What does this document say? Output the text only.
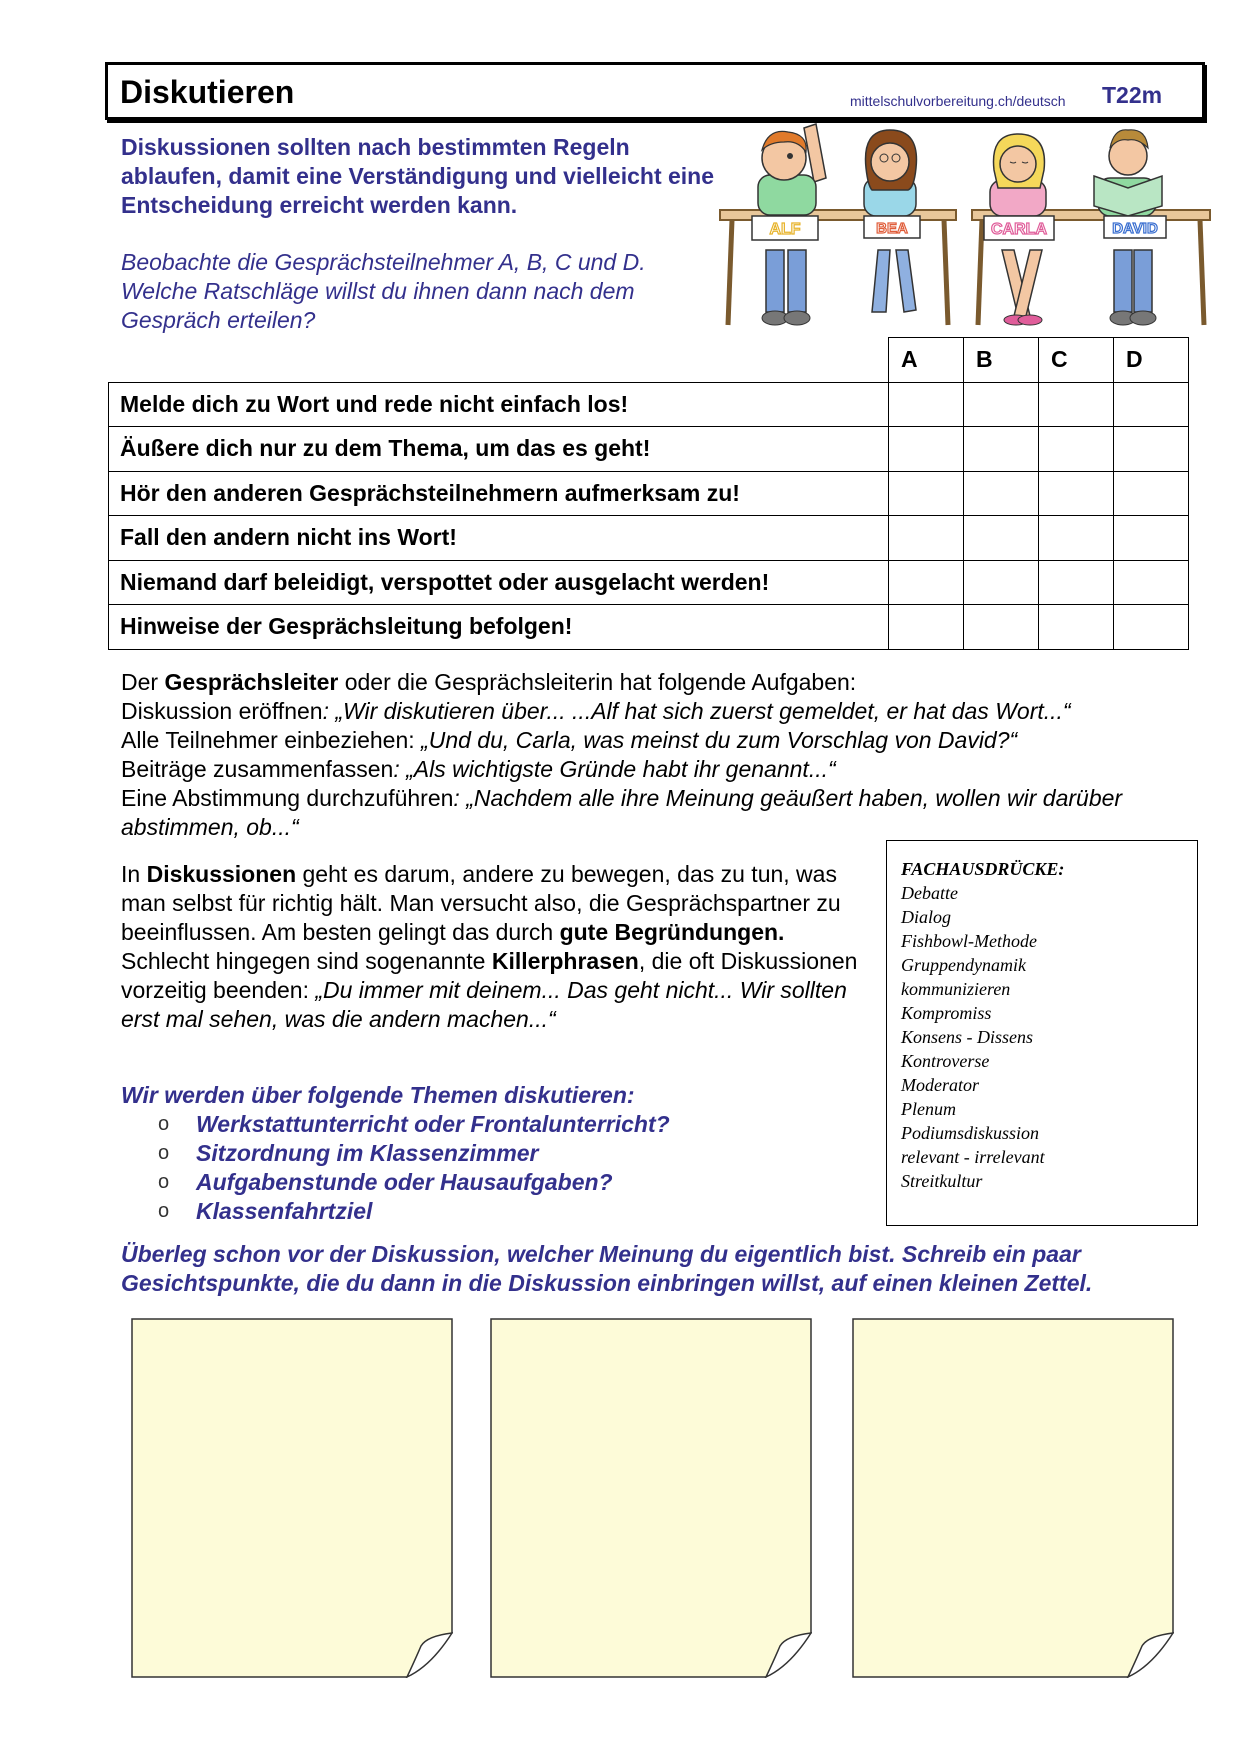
Diskutieren	mittelschulvorbereitung.ch/deutsch T22m
Diskussionen sollten nach bestimmten Regeln ablaufen, damit eine Verständigung und vielleicht eine Entscheidung erreicht werden kann.
Beobachte die Gesprächsteilnehmer A, B, C und D. Welche Ratschläge willst du ihnen dann nach dem Gespräch erteilen?
ALF	BEA	CARLA	DAVID
	A	B	C	D
Melde dich zu Wort und rede nicht einfach los!				
Äußere dich nur zu dem Thema, um das es geht!				
Hör den anderen Gesprächsteilnehmern aufmerksam zu!				
Fall den andern nicht ins Wort!				
Niemand darf beleidigt, verspottet oder ausgelacht werden!				
Hinweise der Gesprächsleitung befolgen!				

Der Gesprächsleiter oder die Gesprächsleiterin hat folgende Aufgaben:

Diskussion eröffnen: „Wir diskutieren über... ...Alf hat sich zuerst gemeldet, er hat das Wort...“

Alle Teilnehmer einbeziehen: „Und du, Carla, was meinst du zum Vorschlag von David?“

Beiträge zusammenfassen: „Als wichtigste Gründe habt ihr genannt...“

Eine Abstimmung durchzuführen: „Nachdem alle ihre Meinung geäußert haben, wollen wir darüber abstimmen, ob...“

In Diskussionen geht es darum, andere zu bewegen, das zu tun, was man selbst für richtig hält. Man versucht also, die Gesprächspartner zu beeinflussen. Am besten gelingt das durch gute Begründungen. Schlecht hingegen sind sogenannte Killerphrasen, die oft Diskussionen vorzeitig beenden: „Du immer mit deinem... Das geht nicht... Wir sollten erst mal sehen, was die andern machen...“
FACHAUSDRÜCKE:
Debatte
Dialog
Fishbowl-Methode
Gruppendynamik
kommunizieren
Kompromiss
Konsens - Dissens
Kontroverse
Moderator
Plenum
Podiumsdiskussion
relevant - irrelevant
Streitkultur
Wir werden über folgende Themen diskutieren:
o Werkstattunterricht oder Frontalunterricht?
o Sitzordnung im Klassenzimmer
o Aufgabenstunde oder Hausaufgaben?
o Klassenfahrtziel
Überleg schon vor der Diskussion, welcher Meinung du eigentlich bist. Schreib ein paar Gesichtspunkte, die du dann in die Diskussion einbringen willst, auf einen kleinen Zettel.
